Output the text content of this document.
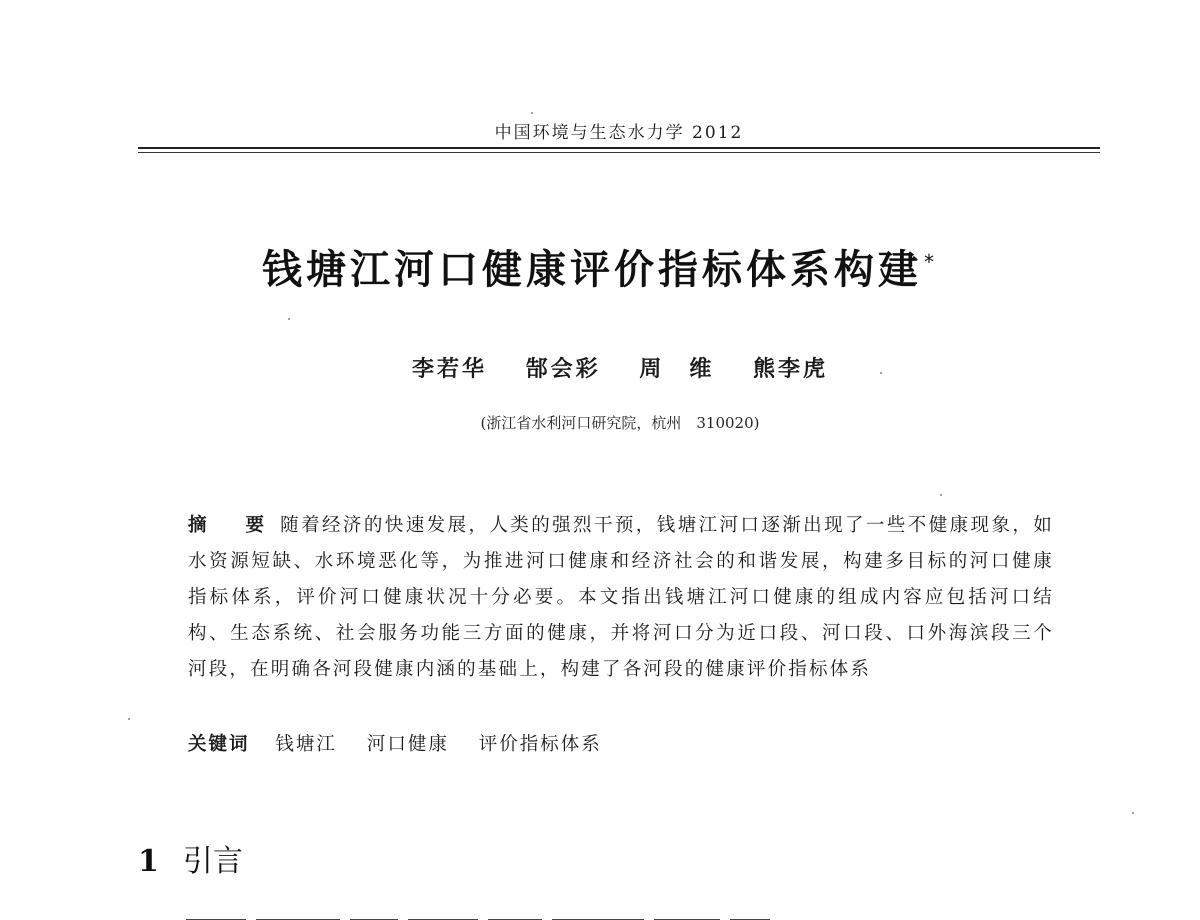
中国环境与生态水力学 2012
钱塘江河口健康评价指标体系构建 *
李若华 郜会彩 周　维 熊李虎
(浙江省水利河口研究院，杭州　310020)
摘　要 随着经济的快速发展，人类的强烈干预，钱塘江河口逐渐出现了一些不健康现象，如水资源短缺、水环境恶化等，为推进河口健康和经济社会的和谐发展，构建多目标的河口健康指标体系，评价河口健康状况十分必要。本文指出钱塘江河口健康的组成内容应包括河口结构、生态系统、社会服务功能三方面的健康，并将河口分为近口段、河口段、口外海滨段三个河段，在明确各河段健康内涵的基础上，构建了各河段的健康评价指标体系
关键词 钱塘江 河口健康 评价指标体系
1 引言
